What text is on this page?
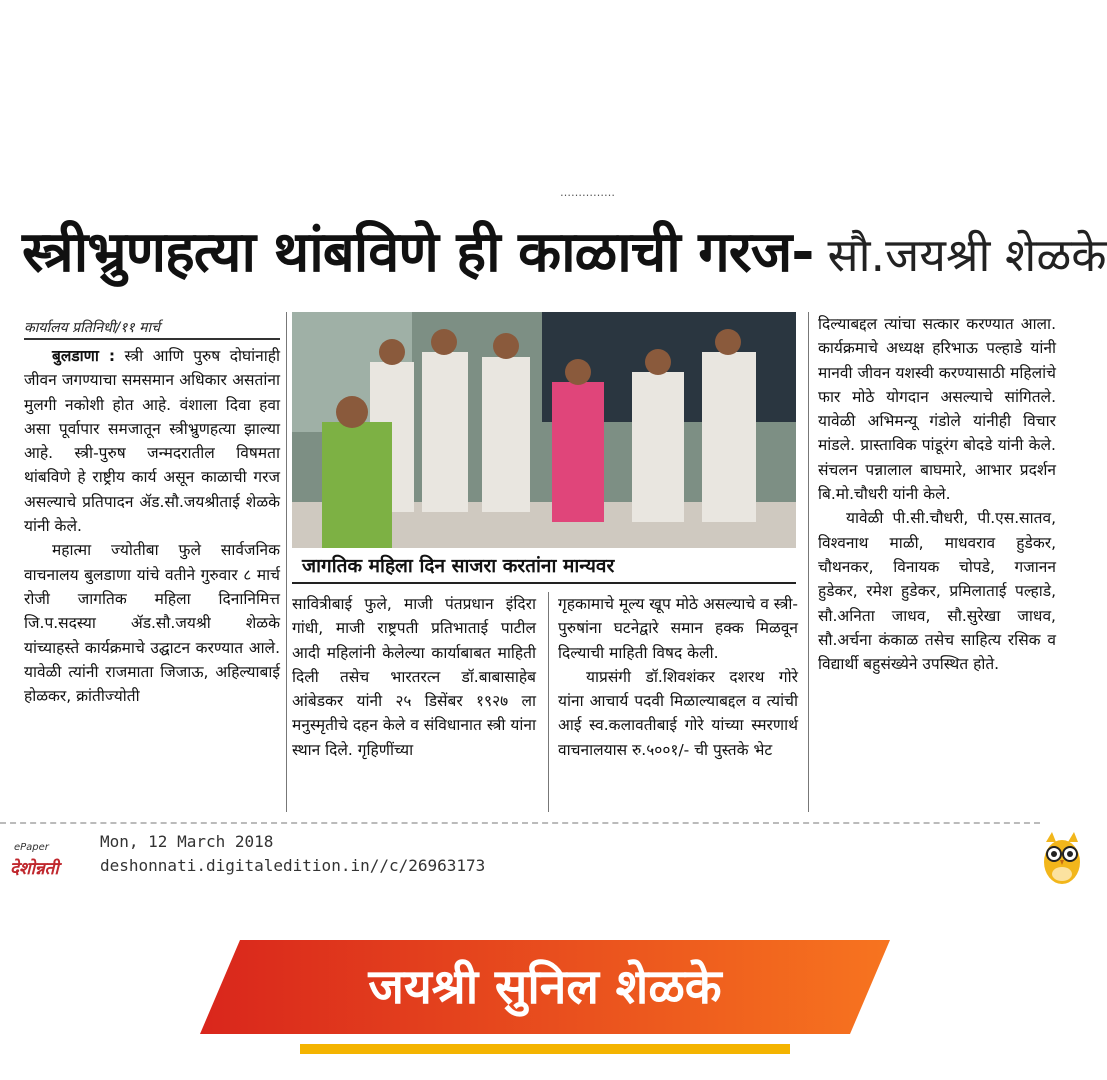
……………
स्त्रीभ्रुणहत्या थांबविणे ही काळाची गरज- सौ.जयश्री शेळके
कार्यालय प्रतिनिधी/११ मार्च

बुलडाणा : स्त्री आणि पुरुष दोघांनाही जीवन जगण्याचा समसमान अधिकार असतांना मुलगी नकोशी होत आहे. वंशाला दिवा हवा असा पूर्वापार समजातून स्त्रीभ्रुणहत्या झाल्या आहे. स्त्री-पुरुष जन्मदरातील विषमता थांबविणे हे राष्ट्रीय कार्य असून काळाची गरज असल्याचे प्रतिपादन ॲड.सौ.जयश्रीताई शेळके यांनी केले.

महात्मा ज्योतीबा फुले सार्वजनिक वाचनालय बुलडाणा यांचे वतीने गुरुवार ८ मार्च रोजी जागतिक महिला दिनानिमित्त जि.प.सदस्या ॲड.सौ.जयश्री शेळके यांच्याहस्ते कार्यक्रमाचे उद्घाटन करण्यात आले. यावेळी त्यांनी राजमाता जिजाऊ, अहिल्याबाई होळकर, क्रांतीज्योती

जागतिक महिला दिन साजरा करतांना मान्यवर

सावित्रीबाई फुले, माजी पंतप्रधान इंदिरा गांधी, माजी राष्ट्रपती प्रतिभाताई पाटील आदी महिलांनी केलेल्या कार्याबाबत माहिती दिली तसेच भारतरत्न डॉ.बाबासाहेब आंबेडकर यांनी २५ डिसेंबर १९२७ ला मनुस्मृतीचे दहन केले व संविधानात स्त्री यांना स्थान दिले. गृहिणींच्या

गृहकामाचे मूल्य खूप मोठे असल्याचे व स्त्री-पुरुषांना घटनेद्वारे समान हक्क मिळवून दिल्याची माहिती विषद केली.

याप्रसंगी डॉ.शिवशंकर दशरथ गोरे यांना आचार्य पदवी मिळाल्याबद्दल व त्यांची आई स्व.कलावतीबाई गोरे यांच्या स्मरणार्थ वाचनालयास रु.५००१/- ची पुस्तके भेट

दिल्याबद्दल त्यांचा सत्कार करण्यात आला. कार्यक्रमाचे अध्यक्ष हरिभाऊ पल्हाडे यांनी मानवी जीवन यशस्वी करण्यासाठी महिलांचे फार मोठे योगदान असल्याचे सांगितले. यावेळी अभिमन्यू गंडोले यांनीही विचार मांडले. प्रास्ताविक पांडूरंग बोदडे यांनी केले. संचलन पन्नालाल बाघमारे, आभार प्रदर्शन बि.मो.चौधरी यांनी केले.

यावेळी पी.सी.चौधरी, पी.एस.सातव, विश्वनाथ माळी, माधवराव हुडेकर, चौथनकर, विनायक चोपडे, गजानन हुडेकर, रमेश हुडेकर, प्रमिलाताई पल्हाडे, सौ.अनिता जाधव, सौ.सुरेखा जाधव, सौ.अर्चना कंकाळ तसेच साहित्य रसिक व विद्यार्थी बहुसंख्येने उपस्थित होते.

ePaper
देशोन्नती
Mon, 12 March 2018
deshonnati.digitaledition.in//c/26963173
जयश्री सुनिल शेळके
